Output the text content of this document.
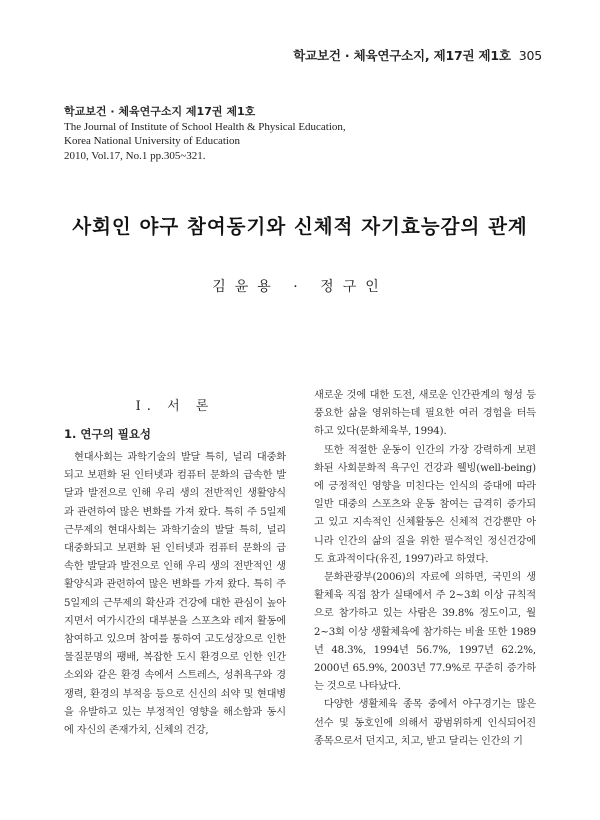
학교보건 · 체육연구소지, 제17권 제1호 305
학교보건 · 체육연구소지 제17권 제1호
The Journal of Institute of School Health & Physical Education,
Korea National University of Education
2010, Vol.17, No.1 pp.305~321.
사회인 야구 참여동기와 신체적 자기효능감의 관계
김윤용 · 정구인
Ⅰ. 서 론
1. 연구의 필요성

현대사회는 과학기술의 발달 특히, 널리 대중화되고 보편화 된 인터넷과 컴퓨터 문화의 급속한 발달과 발전으로 인해 우리 생의 전반적인 생활양식과 관련하여 많은 변화를 가져 왔다. 특히 주 5일제 근무제의 현대사회는 과학기술의 발달 특히, 널리 대중화되고 보편화 된 인터넷과 컴퓨터 문화의 급속한 발달과 발전으로 인해 우리 생의 전반적인 생활양식과 관련하여 많은 변화를 가져 왔다. 특히 주 5일제의 근무제의 확산과 건강에 대한 관심이 높아지면서 여가시간의 대부분을 스포츠와 레저 활동에 참여하고 있으며 참여를 통하여 고도성장으로 인한 물질문명의 팽배, 복잡한 도시 환경으로 인한 인간소외와 같은 환경 속에서 스트레스, 성취욕구와 경쟁력, 환경의 부적응 등으로 신신의 쇠약 및 현대병을 유발하고 있는 부정적인 영향을 해소함과 동시에 자신의 존재가치, 신체의 건강,

새로운 것에 대한 도전, 새로운 인간관계의 형성 등 풍요한 삶을 영위하는데 필요한 여러 경험을 터득하고 있다(문화체육부, 1994).

또한 적절한 운동이 인간의 가장 강력하게 보편화된 사회문화적 욕구인 건강과 웰빙(well-being)에 긍정적인 영향을 미친다는 인식의 증대에 따라 일반 대중의 스포츠와 운동 참여는 급격히 증가되고 있고 지속적인 신체활동은 신체적 건강뿐만 아니라 인간의 삶의 질을 위한 필수적인 정신건강에도 효과적이다(유진, 1997)라고 하였다.

문화관광부(2006)의 자료에 의하면, 국민의 생활체육 직접 참가 실태에서 주 2~3회 이상 규칙적으로 참가하고 있는 사람은 39.8% 정도이고, 월 2~3회 이상 생활체육에 참가하는 비율 또한 1989년 48.3%, 1994년 56.7%, 1997년 62.2%, 2000년 65.9%, 2003년 77.9%로 꾸준히 증가하는 것으로 나타났다.

다양한 생활체육 종목 중에서 야구경기는 많은 선수 및 동호인에 의해서 광범위하게 인식되어진 종목으로서 던지고, 치고, 받고 달리는 인간의 기
